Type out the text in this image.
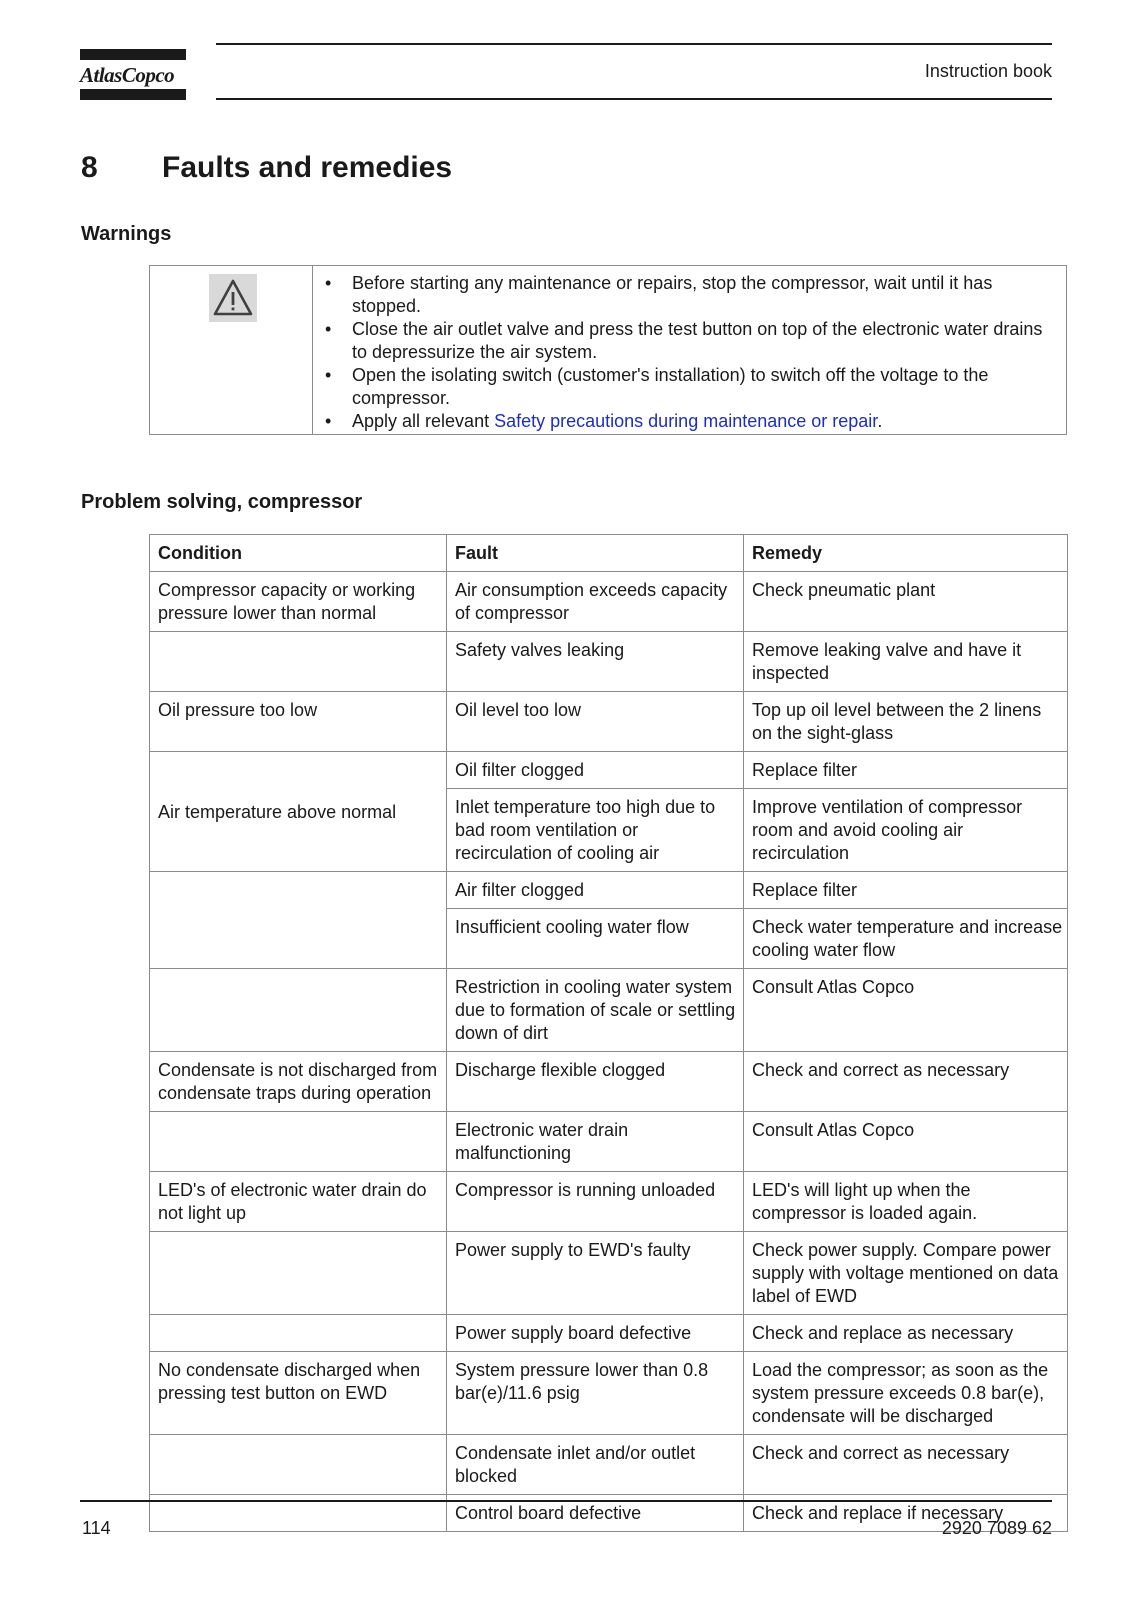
AtlasCopco	Instruction book
8 Faults and remedies
Warnings
• Before starting any maintenance or repairs, stop the compressor, wait until it has stopped.
• Close the air outlet valve and press the test button on top of the electronic water drains to depressurize the air system.
• Open the isolating switch (customer's installation) to switch off the voltage to the compressor.
• Apply all relevant Safety precautions during maintenance or repair.
Problem solving, compressor
Condition	Fault	Remedy
Compressor capacity or working pressure lower than normal	Air consumption exceeds capacity of compressor	Check pneumatic plant
	Safety valves leaking	Remove leaking valve and have it inspected
Oil pressure too low	Oil level too low	Top up oil level between the 2 linens on the sight-glass
Air temperature above normal	Oil filter clogged	Replace filter
	Inlet temperature too high due to bad room ventilation or recirculation of cooling air	Improve ventilation of compressor room and avoid cooling air recirculation
	Air filter clogged	Replace filter
	Insufficient cooling water flow	Check water temperature and increase cooling water flow
	Restriction in cooling water system due to formation of scale or settling down of dirt	Consult Atlas Copco
Condensate is not discharged from condensate traps during operation	Discharge flexible clogged	Check and correct as necessary
	Electronic water drain malfunctioning	Consult Atlas Copco
LED's of electronic water drain do not light up	Compressor is running unloaded	LED's will light up when the compressor is loaded again.
	Power supply to EWD's faulty	Check power supply. Compare power supply with voltage mentioned on data label of EWD
	Power supply board defective	Check and replace as necessary
No condensate discharged when pressing test button on EWD	System pressure lower than 0.8 bar(e)/11.6 psig	Load the compressor; as soon as the system pressure exceeds 0.8 bar(e), condensate will be discharged
	Condensate inlet and/or outlet blocked	Check and correct as necessary
	Control board defective	Check and replace if necessary
114	2920 7089 62
